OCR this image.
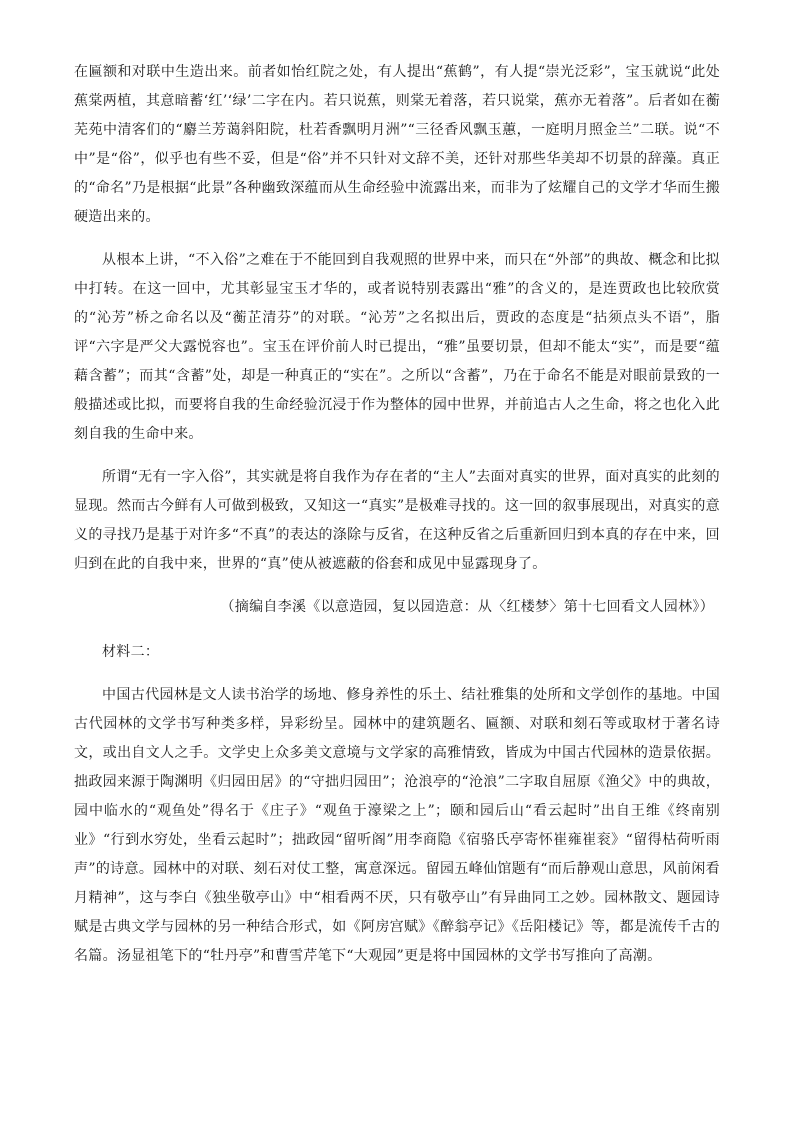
在匾额和对联中生造出来。前者如怡红院之处，有人提出“蕉鹤”，有人提“崇光泛彩”，宝玉就说“此处蕉棠两植，其意暗蓄‘红’‘绿’二字在内。若只说蕉，则棠无着落，若只说棠，蕉亦无着落”。后者如在蘅芜苑中清客们的“麝兰芳蔼斜阳院，杜若香飘明月洲”“三径香风飘玉蕙，一庭明月照金兰”二联。说“不中”是“俗”，似乎也有些不妥，但是“俗”并不只针对文辞不美，还针对那些华美却不切景的辞藻。真正的“命名”乃是根据“此景”各种幽致深蕴而从生命经验中流露出来，而非为了炫耀自己的文学才华而生搬硬造出来的。

从根本上讲，“不入俗”之难在于不能回到自我观照的世界中来，而只在“外部”的典故、概念和比拟中打转。在这一回中，尤其彰显宝玉才华的，或者说特别表露出“雅”的含义的，是连贾政也比较欣赏的“沁芳”桥之命名以及“蘅芷清芬”的对联。“沁芳”之名拟出后，贾政的态度是“拈须点头不语”，脂评“六字是严父大露悦容也”。宝玉在评价前人时已提出，“雅”虽要切景，但却不能太“实”，而是要“蕴藉含蓄”；而其“含蓄”处，却是一种真正的“实在”。之所以“含蓄”，乃在于命名不能是对眼前景致的一般描述或比拟，而要将自我的生命经验沉浸于作为整体的园中世界，并前追古人之生命，将之也化入此刻自我的生命中来。

所谓“无有一字入俗”，其实就是将自我作为存在者的“主人”去面对真实的世界，面对真实的此刻的显现。然而古今鲜有人可做到极致，又知这一“真实”是极难寻找的。这一回的叙事展现出，对真实的意义的寻找乃是基于对许多“不真”的表达的涤除与反省，在这种反省之后重新回归到本真的存在中来，回归到在此的自我中来，世界的“真”使从被遮蔽的俗套和成见中显露现身了。

（摘编自李溪《以意造园，复以园造意：从〈红楼梦〉第十七回看文人园林》）

材料二：

中国古代园林是文人读书治学的场地、修身养性的乐土、结社雅集的处所和文学创作的基地。中国古代园林的文学书写种类多样，异彩纷呈。园林中的建筑题名、匾额、对联和刻石等或取材于著名诗文，或出自文人之手。文学史上众多美文意境与文学家的高雅情致，皆成为中国古代园林的造景依据。拙政园来源于陶渊明《归园田居》的“守拙归园田”；沧浪亭的“沧浪”二字取自屈原《渔父》中的典故，园中临水的“观鱼处”得名于《庄子》“观鱼于濠梁之上”；颐和园后山“看云起时”出自王维《终南别业》“行到水穷处，坐看云起时”；拙政园“留听阁”用李商隐《宿骆氏亭寄怀崔雍崔衮》“留得枯荷听雨声”的诗意。园林中的对联、刻石对仗工整，寓意深远。留园五峰仙馆题有“而后静观山意思，风前闲看月精神”，这与李白《独坐敬亭山》中“相看两不厌，只有敬亭山”有异曲同工之妙。园林散文、题园诗赋是古典文学与园林的另一种结合形式，如《阿房宫赋》《醉翁亭记》《岳阳楼记》等，都是流传千古的名篇。汤显祖笔下的“牡丹亭”和曹雪芹笔下“大观园”更是将中国园林的文学书写推向了高潮。
